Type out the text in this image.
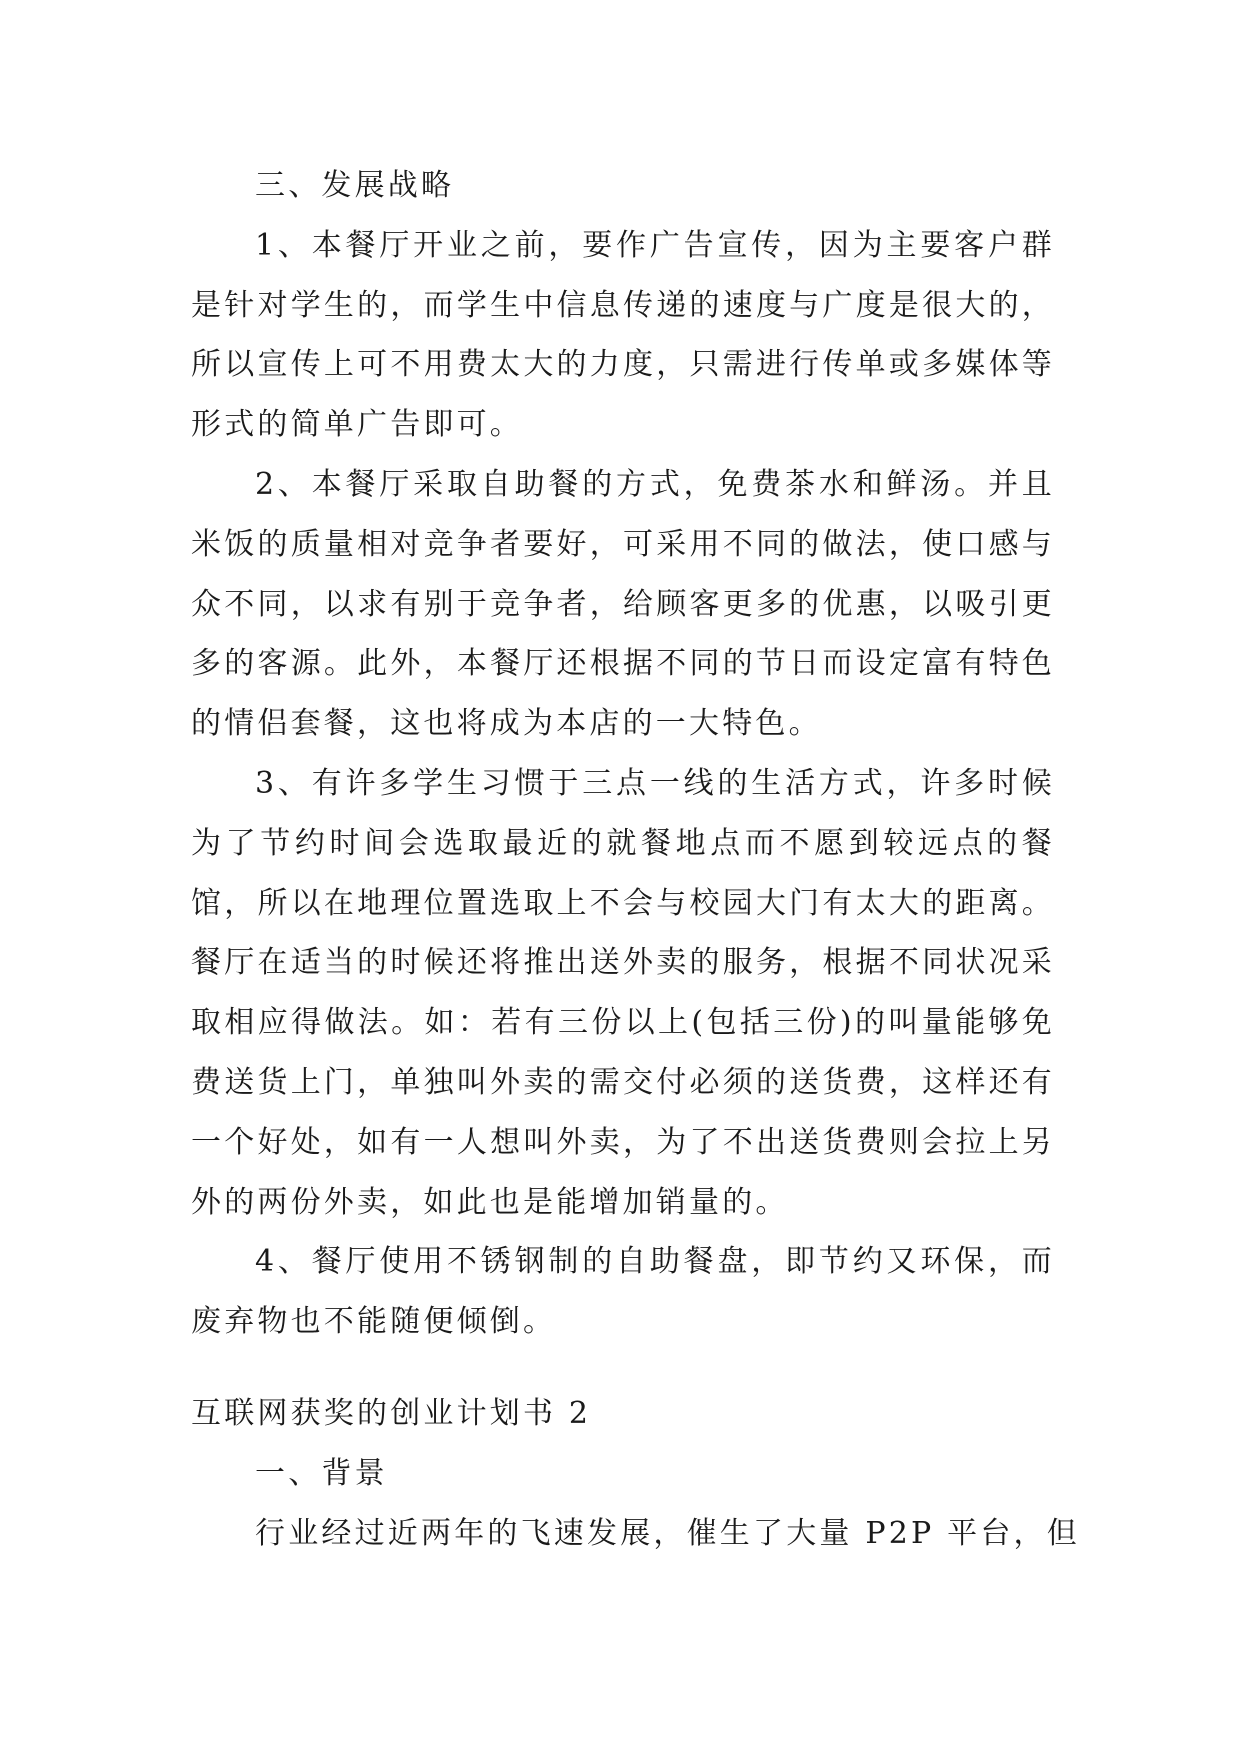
三、发展战略

1、本餐厅开业之前，要作广告宣传，因为主要客户群是针对学生的，而学生中信息传递的速度与广度是很大的，所以宣传上可不用费太大的力度，只需进行传单或多媒体等形式的简单广告即可。

2、本餐厅采取自助餐的方式，免费茶水和鲜汤。并且米饭的质量相对竞争者要好，可采用不同的做法，使口感与众不同，以求有别于竞争者，给顾客更多的优惠，以吸引更多的客源。此外，本餐厅还根据不同的节日而设定富有特色的情侣套餐，这也将成为本店的一大特色。

3、有许多学生习惯于三点一线的生活方式，许多时候为了节约时间会选取最近的就餐地点而不愿到较远点的餐馆，所以在地理位置选取上不会与校园大门有太大的距离。餐厅在适当的时候还将推出送外卖的服务，根据不同状况采取相应得做法。如：若有三份以上(包括三份)的叫量能够免费送货上门，单独叫外卖的需交付必须的送货费，这样还有一个好处，如有一人想叫外卖，为了不出送货费则会拉上另外的两份外卖，如此也是能增加销量的。

4、餐厅使用不锈钢制的自助餐盘，即节约又环保，而废弃物也不能随便倾倒。

互联网获奖的创业计划书 2

一、背景

行业经过近两年的飞速发展，催生了大量 P2P 平台，但
